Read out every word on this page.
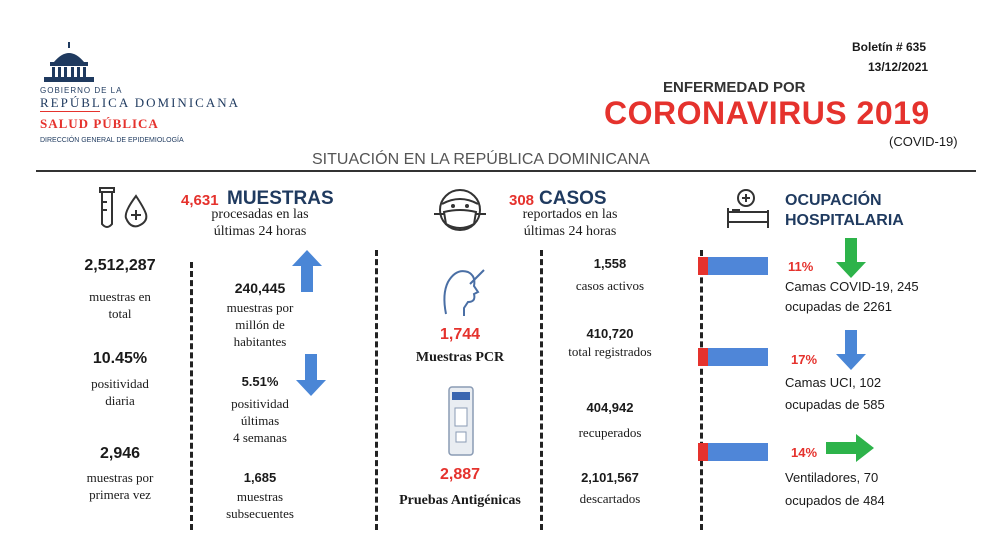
GOBIERNO DE LA
REPÚBLICA DOMINICANA
SALUD PÚBLICA
DIRECCIÓN GENERAL DE EPIDEMIOLOGÍA
Boletín # 635
13/12/2021
ENFERMEDAD POR
CORONAVIRUS 2019
(COVID-19)
SITUACIÓN EN LA REPÚBLICA DOMINICANA
4,631 MUESTRAS
procesadas en las
últimas 24 horas
2,512,287
muestras en
total
10.45%
positividad
diaria
2,946
muestras por
primera vez
240,445
muestras por
millón de
habitantes
5.51%
positividad
últimas
4 semanas
1,685
muestras
subsecuentes
308 CASOS
reportados en las
últimas 24 horas
1,744
Muestras PCR
2,887
Pruebas Antigénicas
1,558
casos activos
410,720
total registrados
404,942
recuperados
2,101,567
descartados
OCUPACIÓN
HOSPITALARIA
11%
Camas COVID-19, 245
ocupadas de 2261
17%
Camas UCI, 102
ocupadas de 585
14%
Ventiladores, 70
ocupados de 484
